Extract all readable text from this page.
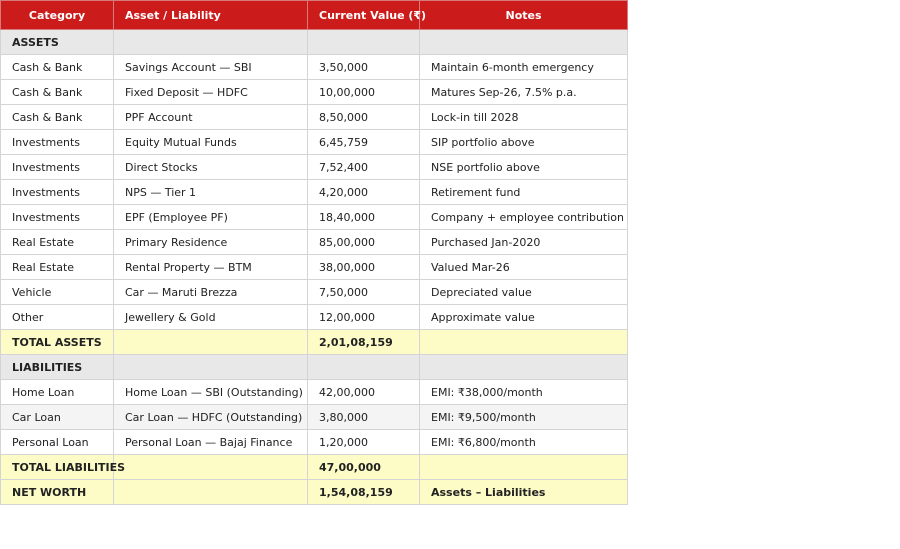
Category	Asset / Liability	Current Value (₹)	Notes
ASSETS			
Cash & Bank	Savings Account — SBI	3,50,000	Maintain 6-month emergency
Cash & Bank	Fixed Deposit — HDFC	10,00,000	Matures Sep-26, 7.5% p.a.
Cash & Bank	PPF Account	8,50,000	Lock-in till 2028
Investments	Equity Mutual Funds	6,45,759	SIP portfolio above
Investments	Direct Stocks	7,52,400	NSE portfolio above
Investments	NPS — Tier 1	4,20,000	Retirement fund
Investments	EPF (Employee PF)	18,40,000	Company + employee contribution
Real Estate	Primary Residence	85,00,000	Purchased Jan-2020
Real Estate	Rental Property — BTM	38,00,000	Valued Mar-26
Vehicle	Car — Maruti Brezza	7,50,000	Depreciated value
Other	Jewellery & Gold	12,00,000	Approximate value
TOTAL ASSETS		2,01,08,159	
LIABILITIES			
Home Loan	Home Loan — SBI (Outstanding)	42,00,000	EMI: ₹38,000/month
Car Loan	Car Loan — HDFC (Outstanding)	3,80,000	EMI: ₹9,500/month
Personal Loan	Personal Loan — Bajaj Finance	1,20,000	EMI: ₹6,800/month
TOTAL LIABILITIES		47,00,000	
NET WORTH		1,54,08,159	Assets – Liabilities
